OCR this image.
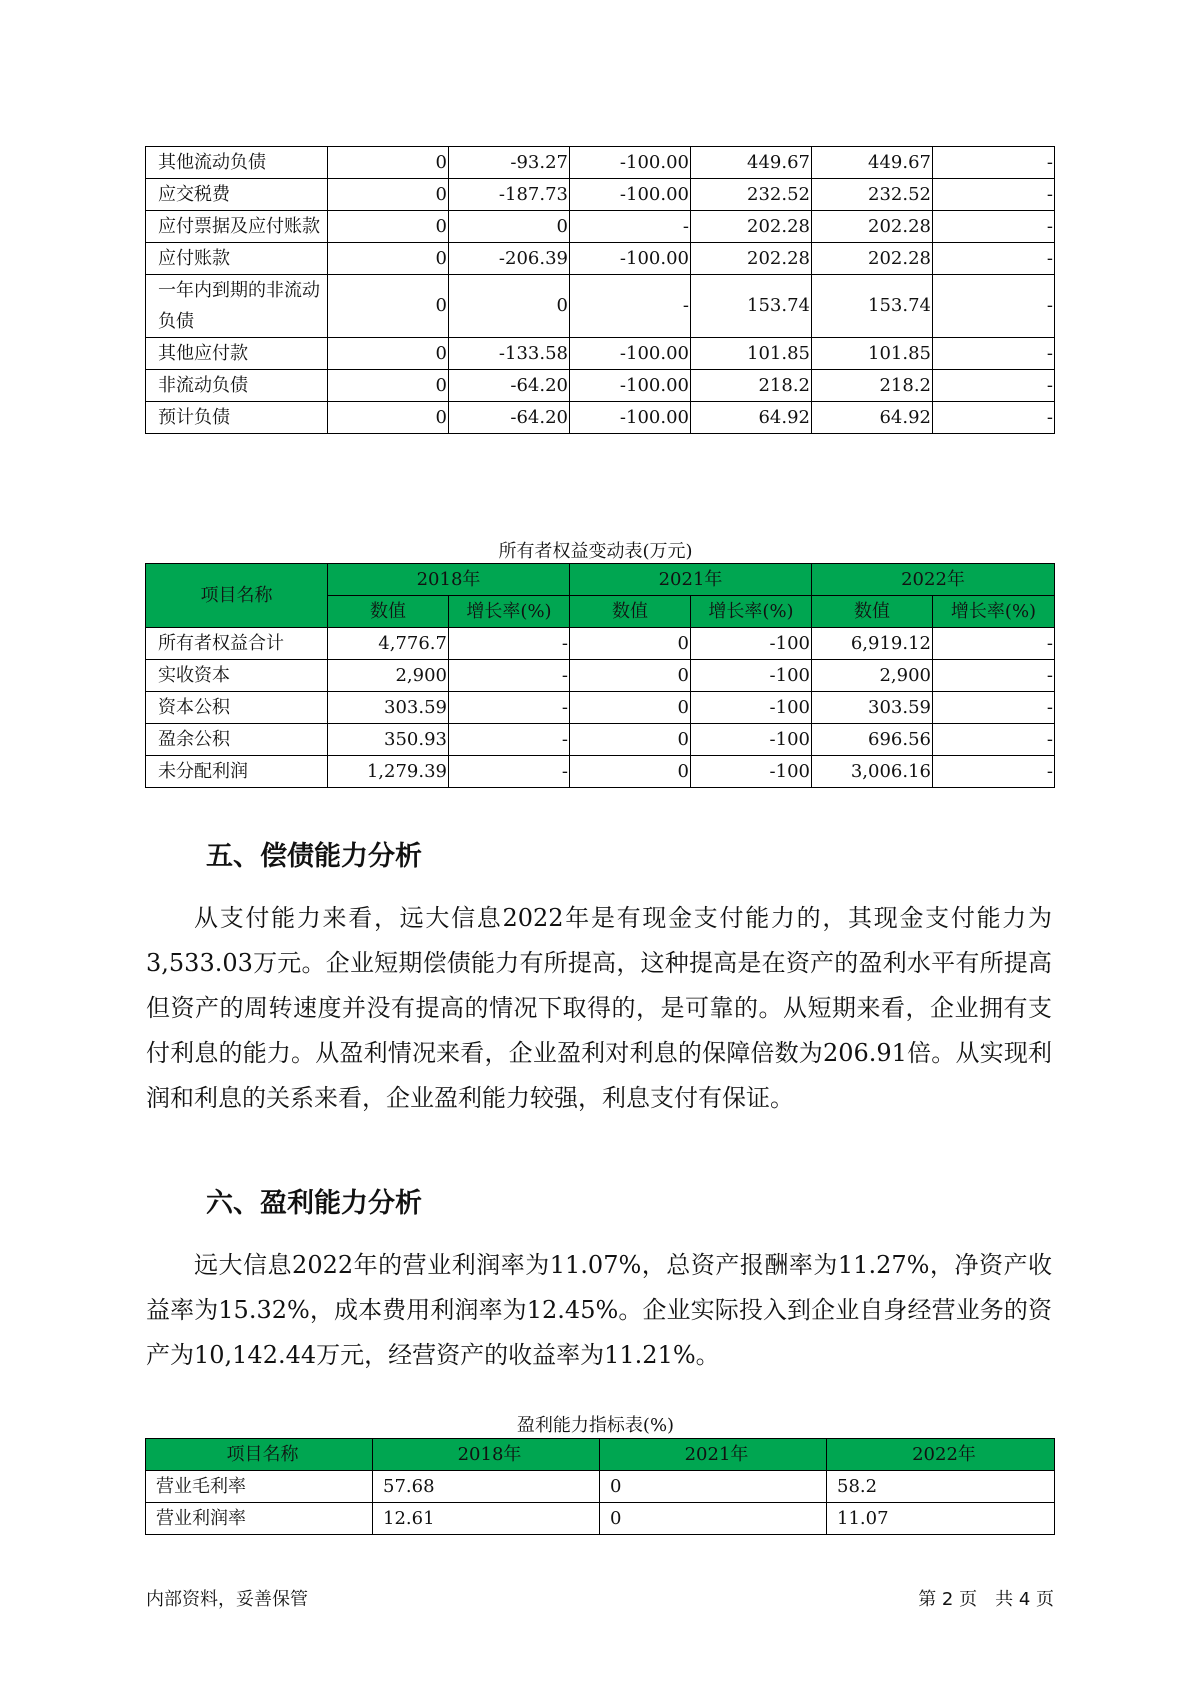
其他流动负债	0	-93.27	-100.00	449.67	449.67	-
应交税费	0	-187.73	-100.00	232.52	232.52	-
应付票据及应付账款	0	0	-	202.28	202.28	-
应付账款	0	-206.39	-100.00	202.28	202.28	-
一年内到期的非流动负债	0	0	-	153.74	153.74	-
其他应付款	0	-133.58	-100.00	101.85	101.85	-
非流动负债	0	-64.20	-100.00	218.2	218.2	-
预计负债	0	-64.20	-100.00	64.92	64.92	-
所有者权益变动表(万元)
项目名称	2018年		2021年		2022年	
	数值	增长率(%)	数值	增长率(%)	数值	增长率(%)
所有者权益合计	4,776.7	-	0	-100	6,919.12	-
实收资本	2,900	-	0	-100	2,900	-
资本公积	303.59	-	0	-100	303.59	-
盈余公积	350.93	-	0	-100	696.56	-
未分配利润	1,279.39	-	0	-100	3,006.16	-
五、偿债能力分析
从支付能力来看，远大信息2022年是有现金支付能力的，其现金支付能力为3,533.03万元。企业短期偿债能力有所提高，这种提高是在资产的盈利水平有所提高但资产的周转速度并没有提高的情况下取得的，是可靠的。从短期来看，企业拥有支付利息的能力。从盈利情况来看，企业盈利对利息的保障倍数为206.91倍。从实现利润和利息的关系来看，企业盈利能力较强，利息支付有保证。
六、盈利能力分析
远大信息2022年的营业利润率为11.07%，总资产报酬率为11.27%，净资产收益率为15.32%，成本费用利润率为12.45%。企业实际投入到企业自身经营业务的资产为10,142.44万元，经营资产的收益率为11.21%。
盈利能力指标表(%)
项目名称	2018年	2021年	2022年
营业毛利率	57.68	0	58.2
营业利润率	12.61	0	11.07
内部资料，妥善保管	第 2 页　共 4 页
